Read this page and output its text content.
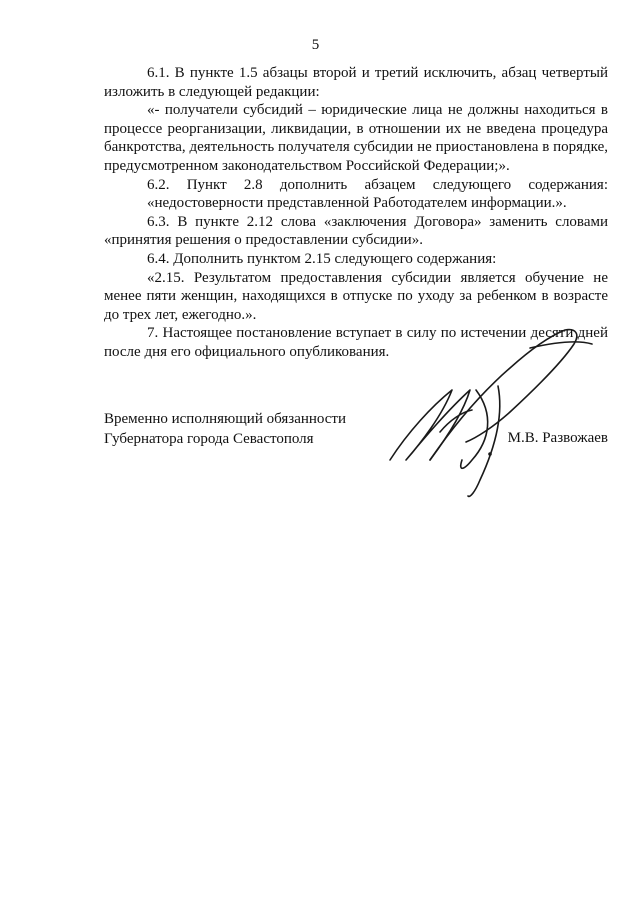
5

6.1. В пункте 1.5 абзацы второй и третий исключить, абзац четвертый изложить в следующей редакции:

«- получатели субсидий – юридические лица не должны находиться в процессе реорганизации, ликвидации, в отношении их не введена процедура банкротства, деятельность получателя субсидии не приостановлена в порядке, предусмотренном законодательством Российской Федерации;».

6.2. Пункт 2.8 дополнить абзацем следующего содержания:

«недостоверности представленной Работодателем информации.».

6.3. В пункте 2.12 слова «заключения Договора» заменить словами «принятия решения о предоставлении субсидии».

6.4. Дополнить пунктом 2.15 следующего содержания:

«2.15. Результатом предоставления субсидии является обучение не менее пяти женщин, находящихся в отпуске по уходу за ребенком в возрасте до трех лет, ежегодно.».

7. Настоящее постановление вступает в силу по истечении десяти дней после дня его официального опубликования.

Временно исполняющий обязанности
Губернатора города Севастополя	М.В. Развожаев
